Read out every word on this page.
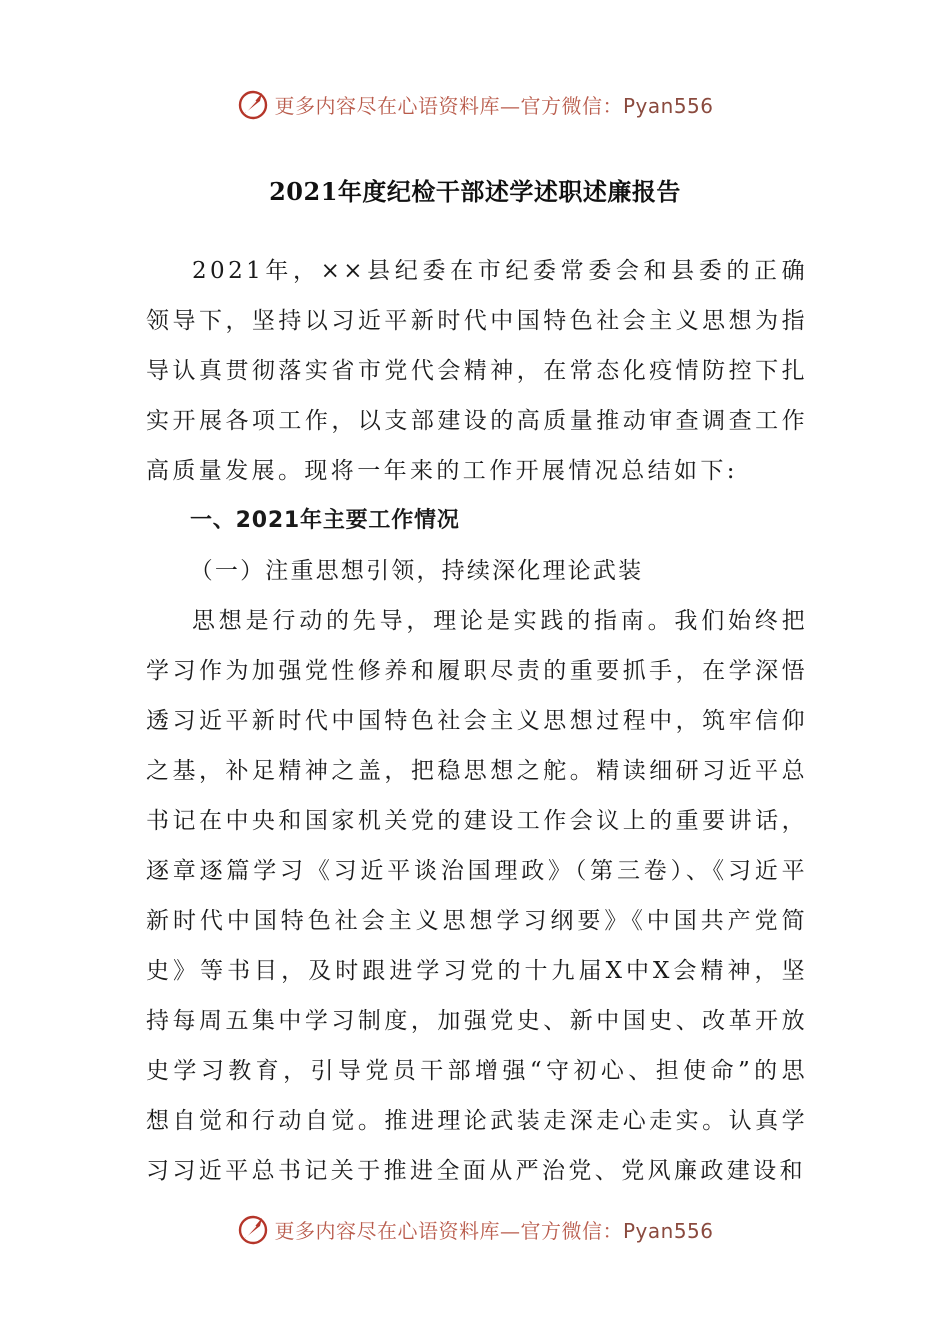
更多内容尽在心语资料库—官方微信：Pyan556
2021年度纪检干部述学述职述廉报告

2021年，××县纪委在市纪委常委会和县委的正确领导下，坚持以习近平新时代中国特色社会主义思想为指导认真贯彻落实省市党代会精神，在常态化疫情防控下扎实开展各项工作，以支部建设的高质量推动审查调查工作高质量发展。现将一年来的工作开展情况总结如下:

一、2021年主要工作情况

（一）注重思想引领，持续深化理论武装

思想是行动的先导，理论是实践的指南。我们始终把学习作为加强党性修养和履职尽责的重要抓手，在学深悟透习近平新时代中国特色社会主义思想过程中，筑牢信仰之基，补足精神之盖，把稳思想之舵。精读细研习近平总书记在中央和国家机关党的建设工作会议上的重要讲话，逐章逐篇学习《习近平谈治国理政》（第三卷）、《习近平新时代中国特色社会主义思想学习纲要》《中国共产党简史》等书目，及时跟进学习党的十九届X中X会精神，坚持每周五集中学习制度，加强党史、新中国史、改革开放史学习教育，引导党员干部增强“守初心、担使命”的思想自觉和行动自觉。推进理论武装走深走心走实。认真学习习近平总书记关于推进全面从严治党、党风廉政建设和

更多内容尽在心语资料库—官方微信：Pyan556
